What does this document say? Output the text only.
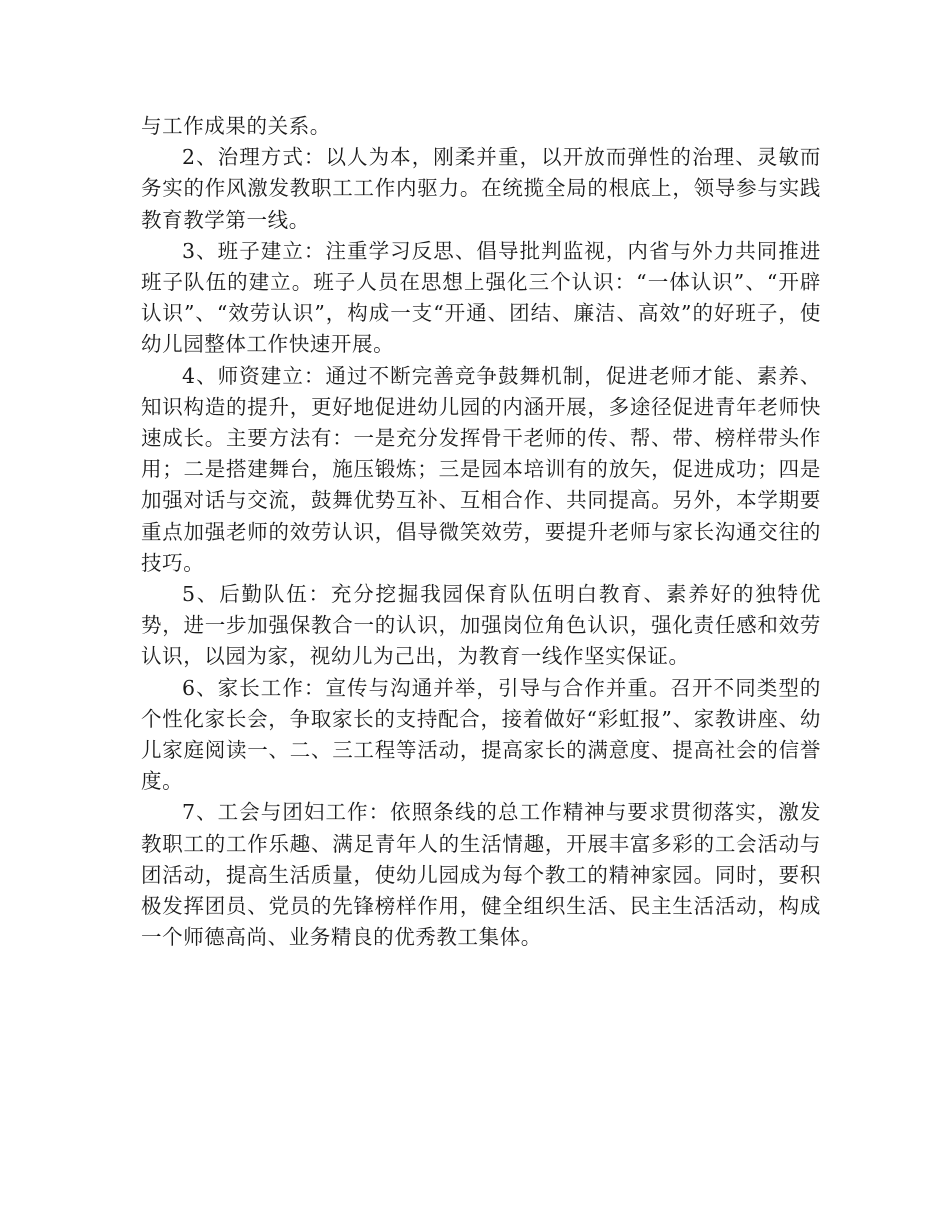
与工作成果的关系。

2、治理方式：以人为本，刚柔并重，以开放而弹性的治理、灵敏而务实的作风激发教职工工作内驱力。在统揽全局的根底上，领导参与实践教育教学第一线。

3、班子建立：注重学习反思、倡导批判监视，内省与外力共同推进班子队伍的建立。班子人员在思想上强化三个认识：“一体认识”、“开辟认识”、“效劳认识”，构成一支“开通、团结、廉洁、高效”的好班子，使幼儿园整体工作快速开展。

4、师资建立：通过不断完善竞争鼓舞机制，促进老师才能、素养、知识构造的提升，更好地促进幼儿园的内涵开展，多途径促进青年老师快速成长。主要方法有：一是充分发挥骨干老师的传、帮、带、榜样带头作用；二是搭建舞台，施压锻炼；三是园本培训有的放矢，促进成功；四是加强对话与交流，鼓舞优势互补、互相合作、共同提高。另外，本学期要重点加强老师的效劳认识，倡导微笑效劳，要提升老师与家长沟通交往的技巧。

5、后勤队伍：充分挖掘我园保育队伍明白教育、素养好的独特优势，进一步加强保教合一的认识，加强岗位角色认识，强化责任感和效劳认识，以园为家，视幼儿为己出，为教育一线作坚实保证。

6、家长工作：宣传与沟通并举，引导与合作并重。召开不同类型的个性化家长会，争取家长的支持配合，接着做好“彩虹报”、家教讲座、幼儿家庭阅读一、二、三工程等活动，提高家长的满意度、提高社会的信誉度。

7、工会与团妇工作：依照条线的总工作精神与要求贯彻落实，激发教职工的工作乐趣、满足青年人的生活情趣，开展丰富多彩的工会活动与团活动，提高生活质量，使幼儿园成为每个教工的精神家园。同时，要积极发挥团员、党员的先锋榜样作用，健全组织生活、民主生活活动，构成一个师德高尚、业务精良的优秀教工集体。
